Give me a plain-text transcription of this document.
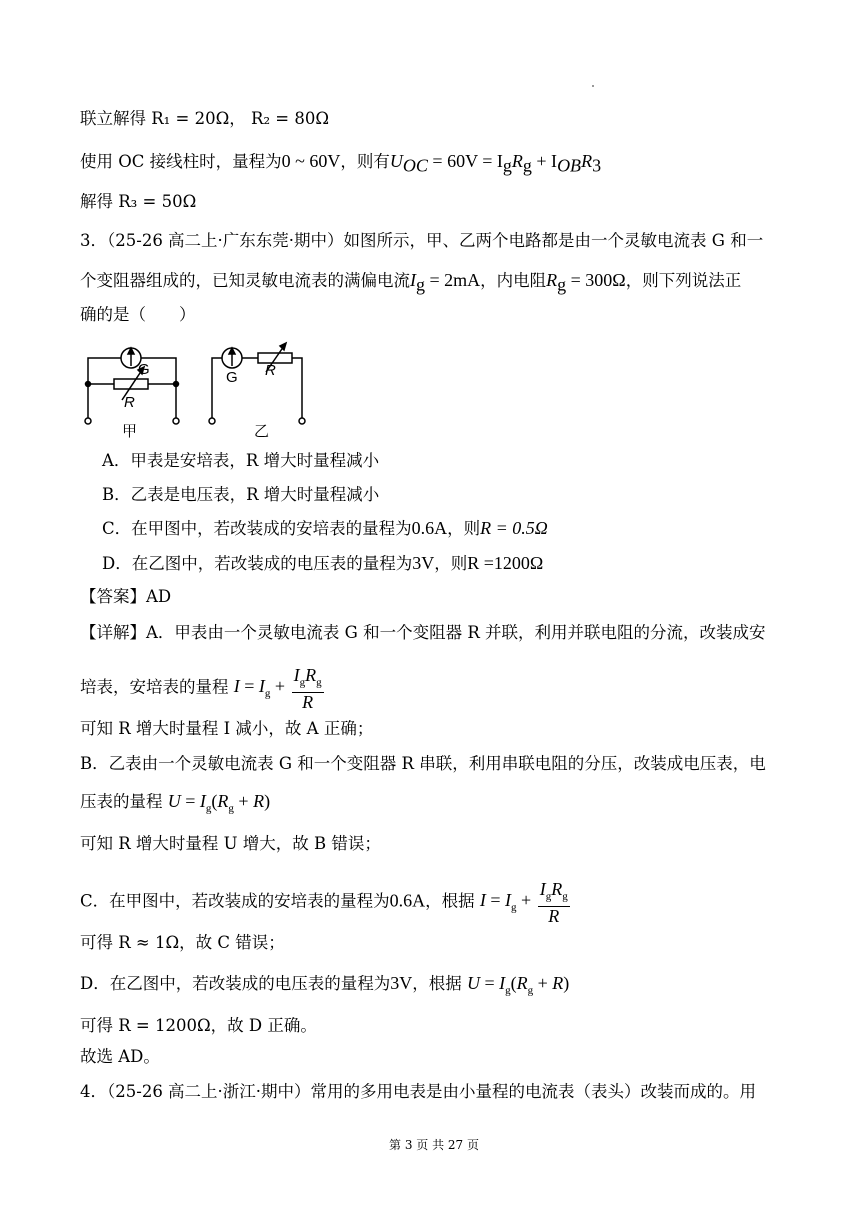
联立解得 R₁ = 20Ω， R₂ = 80Ω
使用 OC 接线柱时，量程为0 ~ 60V，则有$U_{OC} = 60V = I_gR_g + I_{OB}R_3$
解得 R₃ = 50Ω
3．（25-26 高二上·广东东莞·期中）如图所示，甲、乙两个电路都是由一个灵敏电流表 G 和一
个变阻器组成的，已知灵敏电流表的满偏电流$I_g = 2mA$，内电阻$R_g = 300\Omega$，则下列说法正
确的是（　　）
G
R
G R
甲	乙
A．甲表是安培表，R 增大时量程减小
B．乙表是电压表，R 增大时量程减小
C．在甲图中，若改装成的安培表的量程为0.6A，则R = 0.5Ω
D．在乙图中，若改装成的电压表的量程为3V，则R =1200Ω
【答案】AD
【详解】A．甲表由一个灵敏电流表 G 和一个变阻器 R 并联，利用并联电阻的分流，改装成安
培表，安培表的量程 $I = I_g + \frac{I_gR_g}{R}$
可知 R 增大时量程 I 减小，故 A 正确；
B．乙表由一个灵敏电流表 G 和一个变阻器 R 串联，利用串联电阻的分压，改装成电压表，电
压表的量程 $U = I_g(R_g + R)$
可知 R 增大时量程 U 增大，故 B 错误；
C．在甲图中，若改装成的安培表的量程为0.6A，根据 $I = I_g + \frac{I_gR_g}{R}$
可得 R ≈ 1Ω，故 C 错误；
D．在乙图中，若改装成的电压表的量程为3V，根据 $U = I_g(R_g + R)$
可得 R = 1200Ω，故 D 正确。
故选 AD。
4．（25-26 高二上·浙江·期中）常用的多用电表是由小量程的电流表（表头）改装而成的。用
第 3 页 共 27 页
